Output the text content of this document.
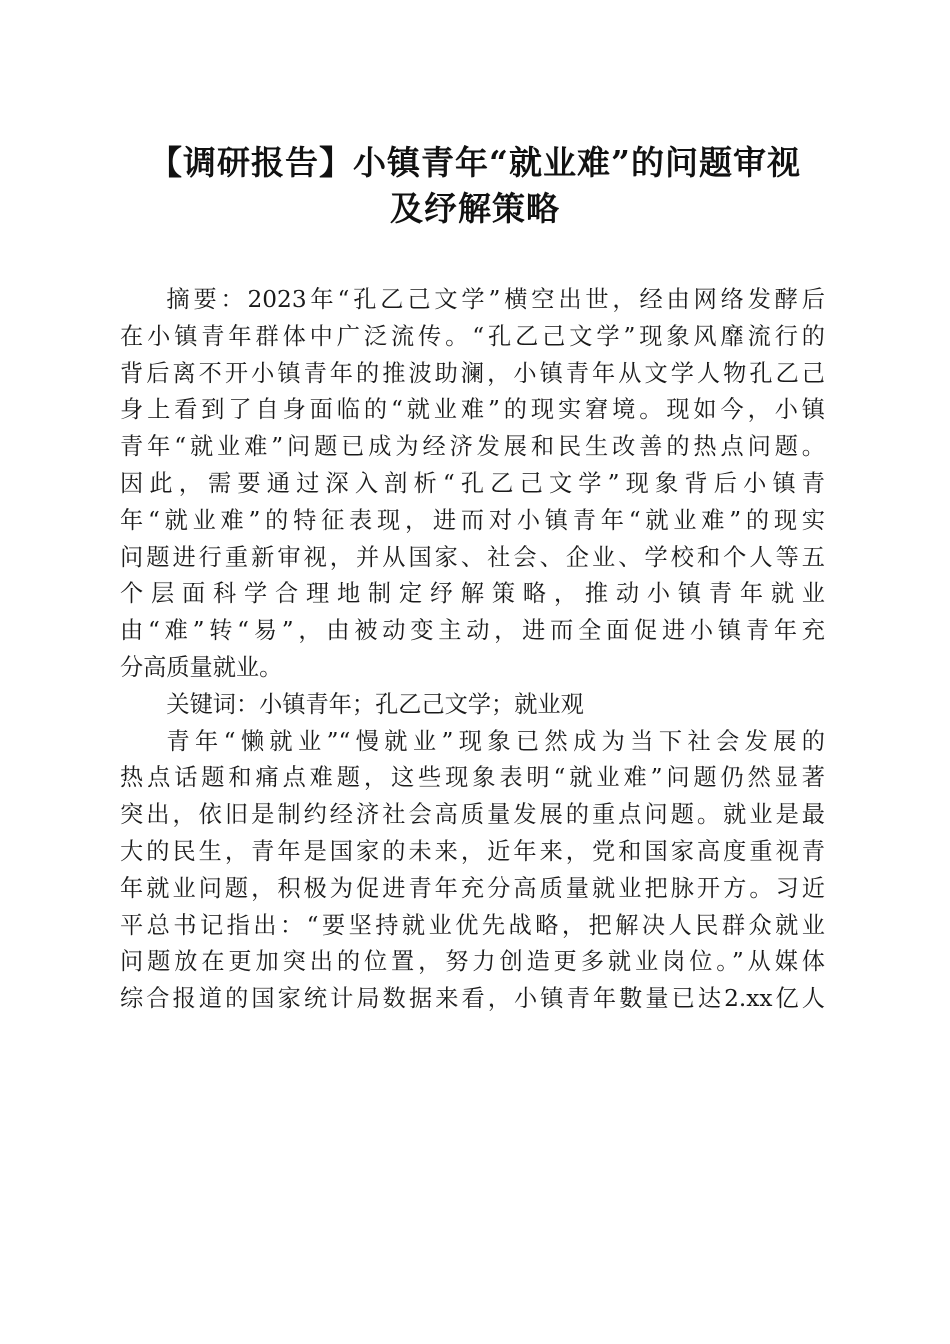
【调研报告】小镇青年“就业难”的问题审视
及纾解策略

摘要：2023年“孔乙己文学”横空出世，经由网络发酵后

在小镇青年群体中广泛流传。“孔乙己文学”现象风靡流行的

背后离不开小镇青年的推波助澜，小镇青年从文学人物孔乙己

身上看到了自身面临的“就业难”的现实窘境。现如今，小镇

青年“就业难”问题已成为经济发展和民生改善的热点问题。

因此，需要通过深入剖析“孔乙己文学”现象背后小镇青

年“就业难”的特征表现，进而对小镇青年“就业难”的现实

问题进行重新审视，并从国家、社会、企业、学校和个人等五

个层面科学合理地制定纾解策略，推动小镇青年就业

由“难”转“易”，由被动变主动，进而全面促进小镇青年充

分高质量就业。

关键词：小镇青年；孔乙己文学；就业观

青年“懒就业”“慢就业”现象已然成为当下社会发展的

热点话题和痛点难题，这些现象表明“就业难”问题仍然显著

突出，依旧是制约经济社会高质量发展的重点问题。就业是最

大的民生，青年是国家的未来，近年来，党和国家高度重视青

年就业问题，积极为促进青年充分高质量就业把脉开方。习近

平总书记指出：“要坚持就业优先战略，把解决人民群众就业

问题放在更加突出的位置，努力创造更多就业岗位。”从媒体

综合报道的国家统计局数据来看，小镇青年數量已达2.xx亿人
